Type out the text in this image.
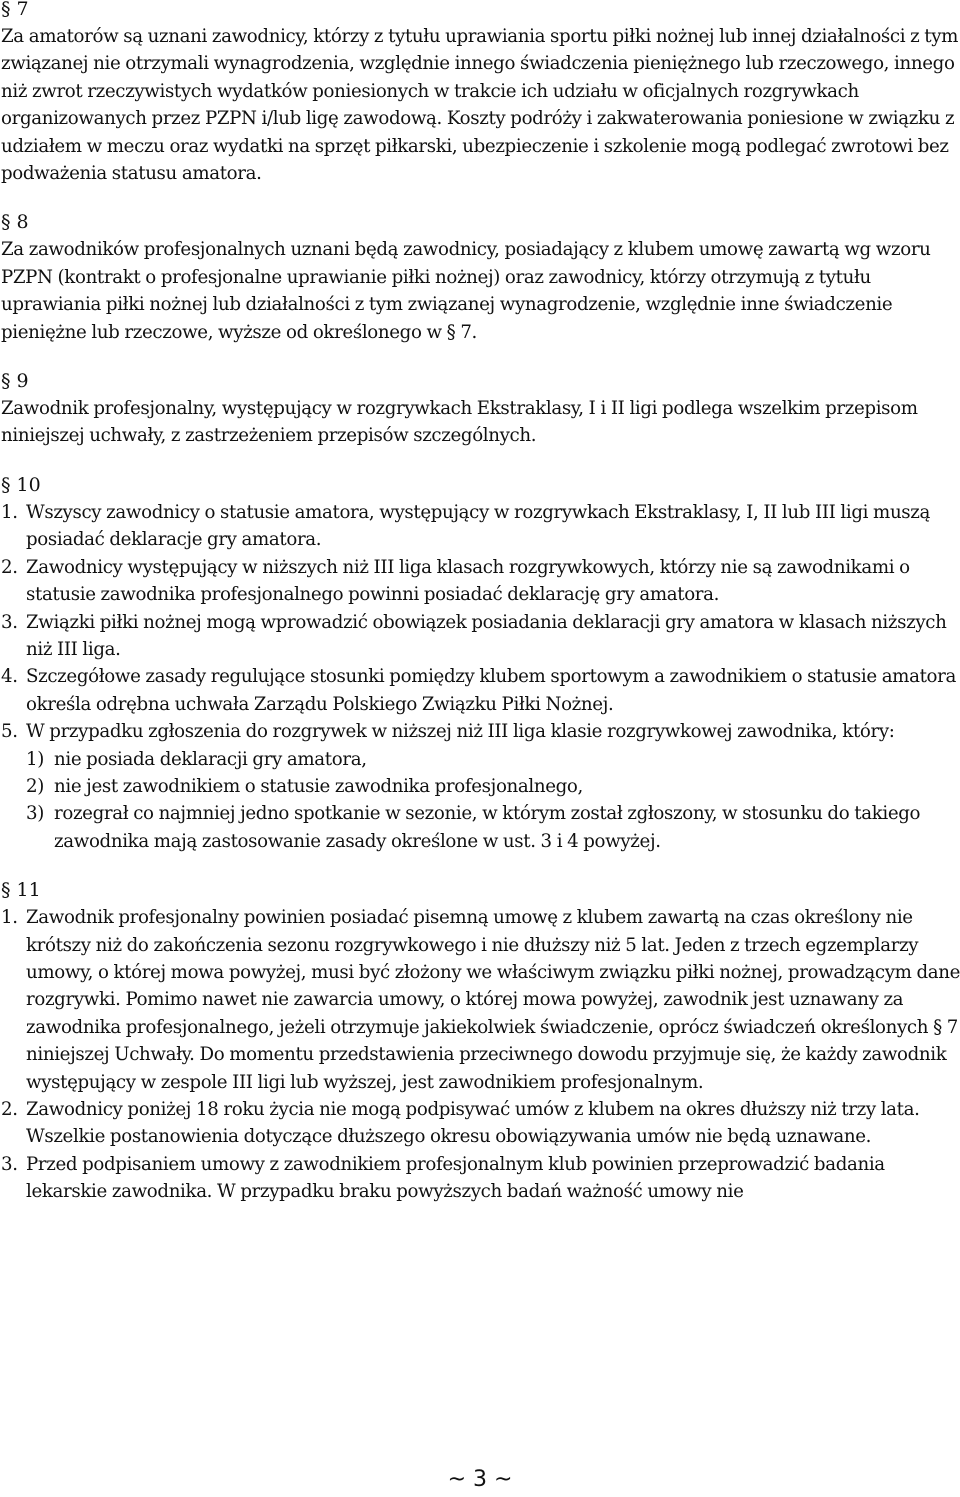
§ 7

Za amatorów są uznani zawodnicy, którzy z tytułu uprawiania sportu piłki nożnej lub innej działalności z tym związanej nie otrzymali wynagrodzenia, względnie innego świadczenia pieniężnego lub rzeczowego, innego niż zwrot rzeczywistych wydatków poniesionych w trakcie ich udziału w oficjalnych rozgrywkach organizowanych przez PZPN i/lub ligę zawodową. Koszty podróży i zakwaterowania poniesione w związku z udziałem w meczu oraz wydatki na sprzęt piłkarski, ubezpieczenie i szkolenie mogą podlegać zwrotowi bez podważenia statusu amatora.

§ 8

Za zawodników profesjonalnych uznani będą zawodnicy, posiadający z klubem umowę zawartą wg wzoru PZPN (kontrakt o profesjonalne uprawianie piłki nożnej) oraz zawodnicy, którzy otrzymują z tytułu uprawiania piłki nożnej lub działalności z tym związanej wynagrodzenie, względnie inne świadczenie pieniężne lub rzeczowe, wyższe od określonego w § 7.

§ 9

Zawodnik profesjonalny, występujący w rozgrywkach Ekstraklasy, I i II ligi podlega wszelkim przepisom niniejszej uchwały, z zastrzeżeniem przepisów szczególnych.

§ 10
1. Wszyscy zawodnicy o statusie amatora, występujący w rozgrywkach Ekstraklasy, I, II lub III ligi muszą posiadać deklaracje gry amatora.
2. Zawodnicy występujący w niższych niż III liga klasach rozgrywkowych, którzy nie są zawodnikami o statusie zawodnika profesjonalnego powinni posiadać deklarację gry amatora.
3. Związki piłki nożnej mogą wprowadzić obowiązek posiadania deklaracji gry amatora w klasach niższych niż III liga.
4. Szczegółowe zasady regulujące stosunki pomiędzy klubem sportowym a zawodnikiem o statusie amatora określa odrębna uchwała Zarządu Polskiego Związku Piłki Nożnej.
5. W przypadku zgłoszenia do rozgrywek w niższej niż III liga klasie rozgrywkowej zawodnika, który:
1) nie posiada deklaracji gry amatora,
2) nie jest zawodnikiem o statusie zawodnika profesjonalnego,
3) rozegrał co najmniej jedno spotkanie w sezonie, w którym został zgłoszony, w stosunku do takiego zawodnika mają zastosowanie zasady określone w ust. 3 i 4 powyżej.
§ 11
1. Zawodnik profesjonalny powinien posiadać pisemną umowę z klubem zawartą na czas określony nie krótszy niż do zakończenia sezonu rozgrywkowego i nie dłuższy niż 5 lat. Jeden z trzech egzemplarzy umowy, o której mowa powyżej, musi być złożony we właściwym związku piłki nożnej, prowadzącym dane rozgrywki. Pomimo nawet nie zawarcia umowy, o której mowa powyżej, zawodnik jest uznawany za zawodnika profesjonalnego, jeżeli otrzymuje jakiekolwiek świadczenie, oprócz świadczeń określonych § 7 niniejszej Uchwały. Do momentu przedstawienia przeciwnego dowodu przyjmuje się, że każdy zawodnik występujący w zespole III ligi lub wyższej, jest zawodnikiem profesjonalnym.
2. Zawodnicy poniżej 18 roku życia nie mogą podpisywać umów z klubem na okres dłuższy niż trzy lata. Wszelkie postanowienia dotyczące dłuższego okresu obowiązywania umów nie będą uznawane.
3. Przed podpisaniem umowy z zawodnikiem profesjonalnym klub powinien przeprowadzić badania lekarskie zawodnika. W przypadku braku powyższych badań ważność umowy nie
~ 3 ~
